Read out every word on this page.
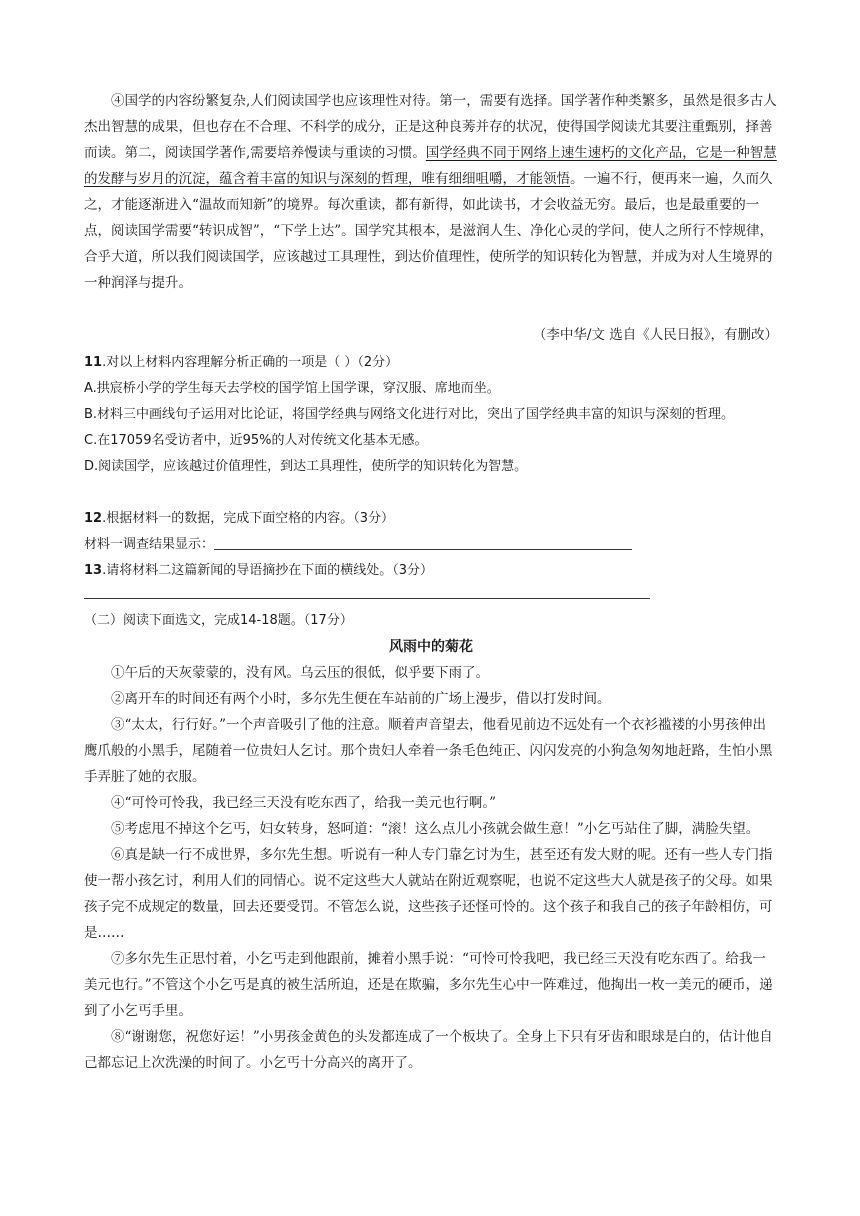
④国学的内容纷繁复杂,人们阅读国学也应该理性对待。第一，需要有选择。国学著作种类繁多，虽然是很多古人杰出智慧的成果，但也存在不合理、不科学的成分，正是这种良莠并存的状况，使得国学阅读尤其要注重甄别，择善而读。第二，阅读国学著作,需要培养慢读与重读的习惯。国学经典不同于网络上速生速朽的文化产品，它是一种智慧的发酵与岁月的沉淀，蕴含着丰富的知识与深刻的哲理，唯有细细咀嚼，才能领悟。一遍不行，便再来一遍，久而久之，才能逐渐进入“温故而知新”的境界。每次重读，都有新得，如此读书，才会收益无穷。最后，也是最重要的一点，阅读国学需要“转识成智”，“下学上达”。国学究其根本，是滋润人生、净化心灵的学问，使人之所行不悖规律，合乎大道，所以我们阅读国学，应该越过工具理性，到达价值理性，使所学的知识转化为智慧，并成为对人生境界的一种润泽与提升。

（李中华/文 选自《人民日报》，有删改）

11.对以上材料内容理解分析正确的一项是（ ）（2分）

A.拱宸桥小学的学生每天去学校的国学馆上国学课，穿汉服、席地而坐。

B.材料三中画线句子运用对比论证，将国学经典与网络文化进行对比，突出了国学经典丰富的知识与深刻的哲理。

C.在17059名受访者中，近95%的人对传统文化基本无感。

D.阅读国学，应该越过价值理性，到达工具理性，使所学的知识转化为智慧。

12.根据材料一的数据，完成下面空格的内容。（3分）

材料一调查结果显示：

13.请将材料二这篇新闻的导语摘抄在下面的横线处。（3分）

（二）阅读下面选文，完成14-18题。（17分）

风雨中的菊花

①午后的天灰蒙蒙的，没有风。乌云压的很低，似乎要下雨了。

②离开车的时间还有两个小时，多尔先生便在车站前的广场上漫步，借以打发时间。

③“太太，行行好。”一个声音吸引了他的注意。顺着声音望去，他看见前边不远处有一个衣衫褴褛的小男孩伸出鹰爪般的小黑手，尾随着一位贵妇人乞讨。那个贵妇人牵着一条毛色纯正、闪闪发亮的小狗急匆匆地赶路，生怕小黑手弄脏了她的衣服。

④“可怜可怜我，我已经三天没有吃东西了，给我一美元也行啊。”

⑤考虑甩不掉这个乞丐，妇女转身，怒呵道：“滚！这么点儿小孩就会做生意！”小乞丐站住了脚，满脸失望。

⑥真是缺一行不成世界，多尔先生想。听说有一种人专门靠乞讨为生，甚至还有发大财的呢。还有一些人专门指使一帮小孩乞讨，利用人们的同情心。说不定这些大人就站在附近观察呢，也说不定这些大人就是孩子的父母。如果孩子完不成规定的数量，回去还要受罚。不管怎么说，这些孩子还怪可怜的。这个孩子和我自己的孩子年龄相仿，可是……

⑦多尔先生正思忖着，小乞丐走到他跟前，摊着小黑手说：“可怜可怜我吧，我已经三天没有吃东西了。给我一美元也行。”不管这个小乞丐是真的被生活所迫，还是在欺骗，多尔先生心中一阵难过，他掏出一枚一美元的硬币，递到了小乞丐手里。

⑧“谢谢您，祝您好运！”小男孩金黄色的头发都连成了一个板块了。全身上下只有牙齿和眼球是白的，估计他自己都忘记上次洗澡的时间了。小乞丐十分高兴的离开了。
